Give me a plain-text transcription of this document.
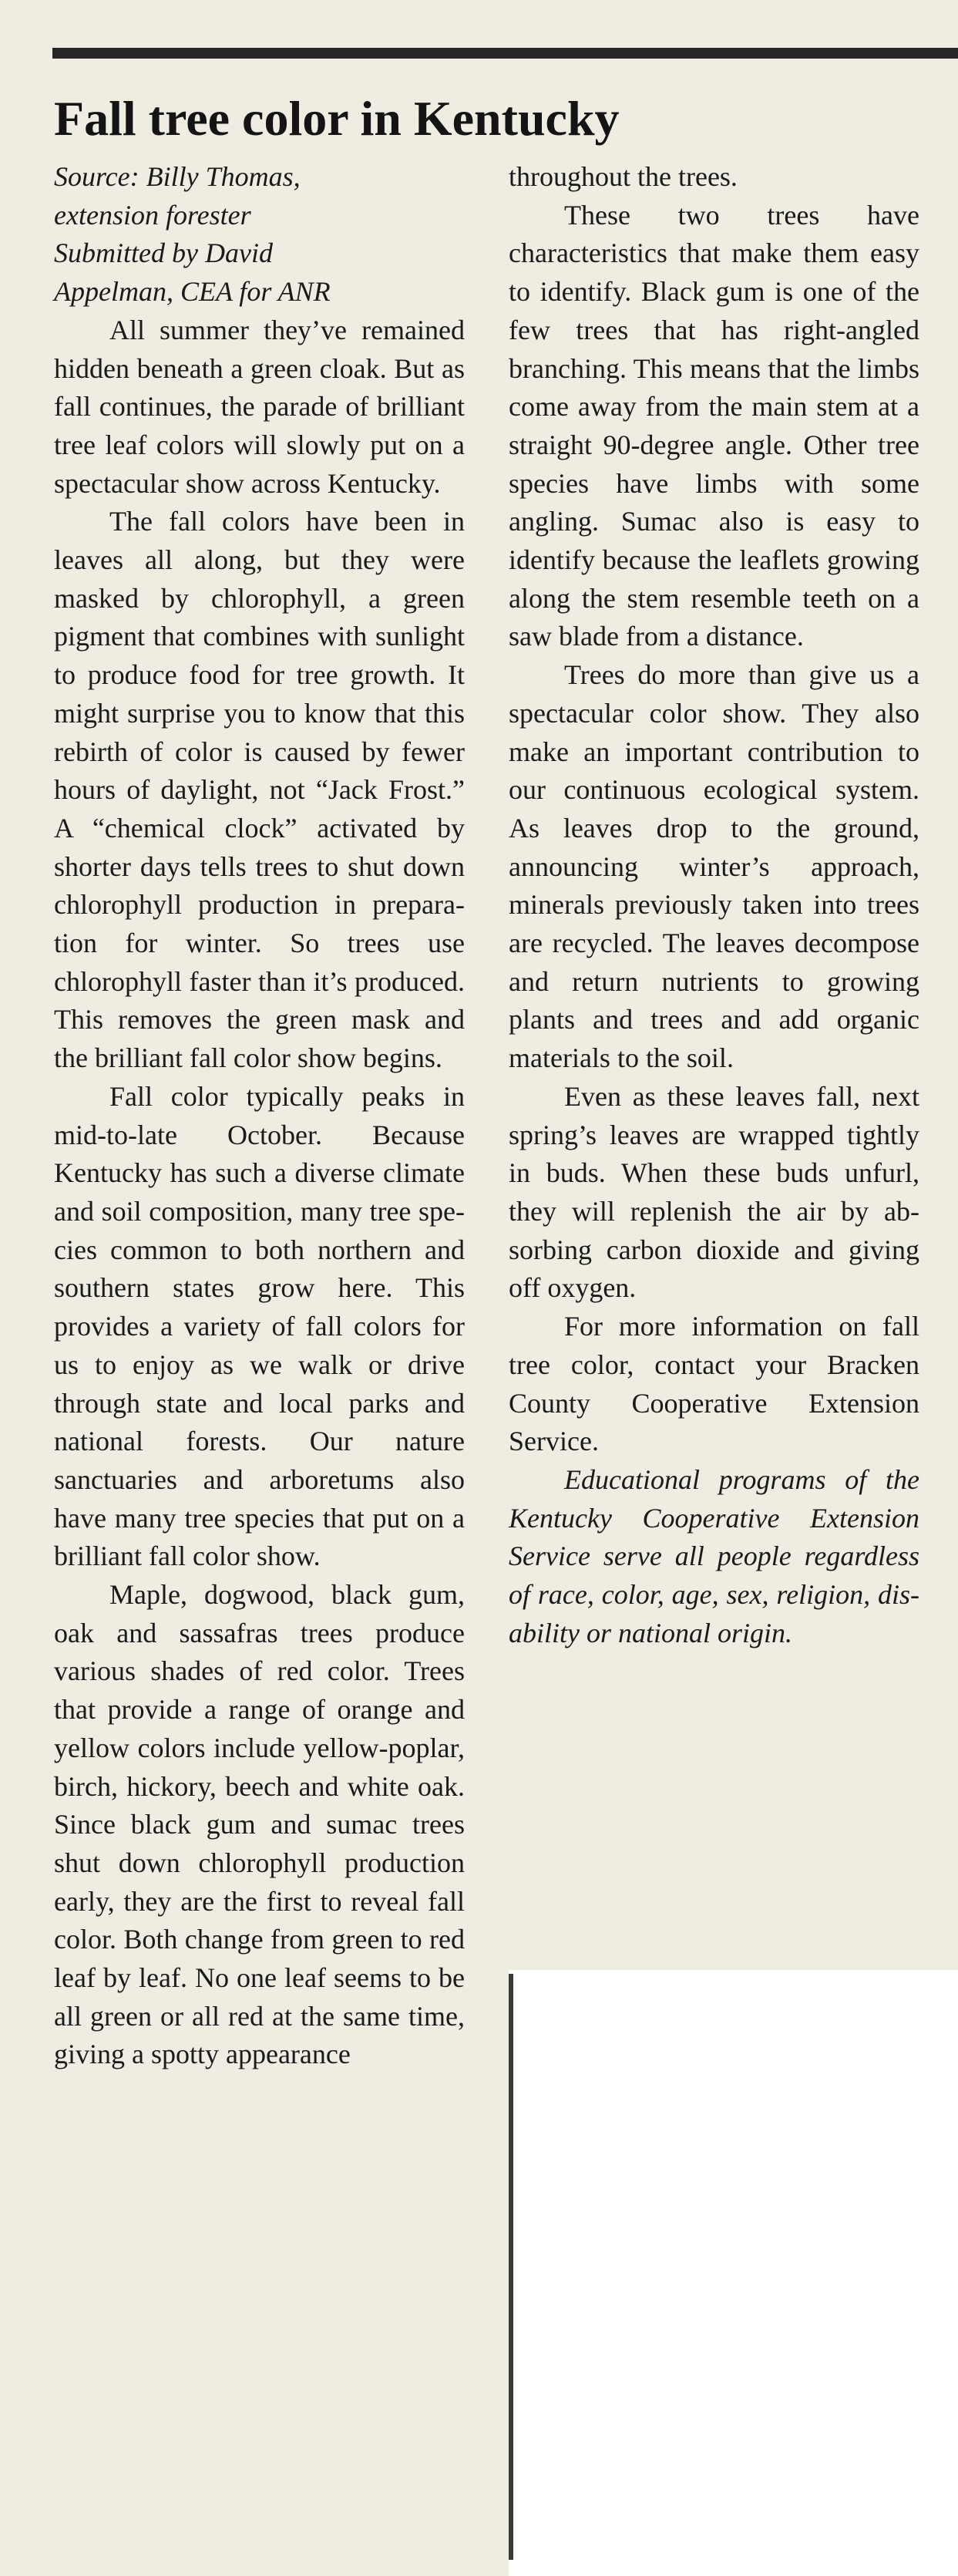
Fall tree color in Kentucky
Source: Billy Thomas,
extension forester
Submitted by David
Appelman, CEA for ANR

All summer they’ve remained hidden beneath a green cloak. But as fall continues, the parade of brilliant tree leaf colors will slowly put on a spectacular show across Kentucky.

The fall colors have been in leaves all along, but they were masked by chlorophyll, a green pigment that combines with sunlight to produce food for tree growth. It might surprise you to know that this rebirth of color is caused by fewer hours of daylight, not “Jack Frost.” A “chemical clock” activated by shorter days tells trees to shut down chlorophyll production in preparation for winter. So trees use chlorophyll faster than it’s produced. This removes the green mask and the brilliant fall color show begins.

Fall color typically peaks in mid-to-late October. Because Kentucky has such a diverse climate and soil composition, many tree species common to both northern and southern states grow here. This provides a variety of fall colors for us to enjoy as we walk or drive through state and local parks and national forests. Our nature sanctuaries and arboretums also have many tree species that put on a brilliant fall color show.

Maple, dogwood, black gum, oak and sassafras trees produce various shades of red color. Trees that provide a range of orange and yellow colors include yellow-poplar, birch, hickory, beech and white oak. Since black gum and sumac trees shut down chlorophyll production early, they are the first to reveal fall color. Both change from green to red leaf by leaf. No one leaf seems to be all green or all red at the same time, giving a spotty appearance

throughout the trees.

These two trees have characteristics that make them easy to identify. Black gum is one of the few trees that has right-angled branching. This means that the limbs come away from the main stem at a straight 90-degree angle. Other tree species have limbs with some angling. Sumac also is easy to identify because the leaflets growing along the stem resemble teeth on a saw blade from a distance.

Trees do more than give us a spectacular color show. They also make an important contribution to our continuous ecological system. As leaves drop to the ground, announcing winter’s approach, minerals previously taken into trees are recycled. The leaves decompose and return nutrients to growing plants and trees and add organic materials to the soil.

Even as these leaves fall, next spring’s leaves are wrapped tightly in buds. When these buds unfurl, they will replenish the air by absorbing carbon dioxide and giving off oxygen.

For more information on fall tree color, contact your Bracken County Cooperative Extension Service.

Educational programs of the Kentucky Cooperative Extension Service serve all people regardless of race, color, age, sex, religion, disability or national origin.
